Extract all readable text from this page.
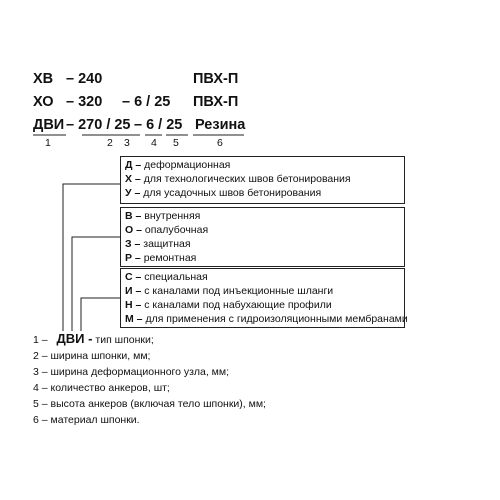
ХВ – 240	ПВХ-П
ХО – 320 – 6 / 25 ПВХ-П
ДВИ – 270 / 25 – 6 / 25 Резина
1	2 3 4 5	6
Д – деформационная
Х – для технологических швов бетонирования
У – для усадочных швов бетонирования
В – внутренняя
О – опалубочная
З – защитная
Р – ремонтная
С – специальная
И – с каналами под инъекционные шланги
Н – с каналами под набухающие профили
М – для применения с гидроизоляционными мембранами
1 – ДВИ - тип шпонки;
2 – ширина шпонки, мм;
3 – ширина деформационного узла, мм;
4 – количество анкеров, шт;
5 – высота анкеров (включая тело шпонки), мм;
6 – материал шпонки.
